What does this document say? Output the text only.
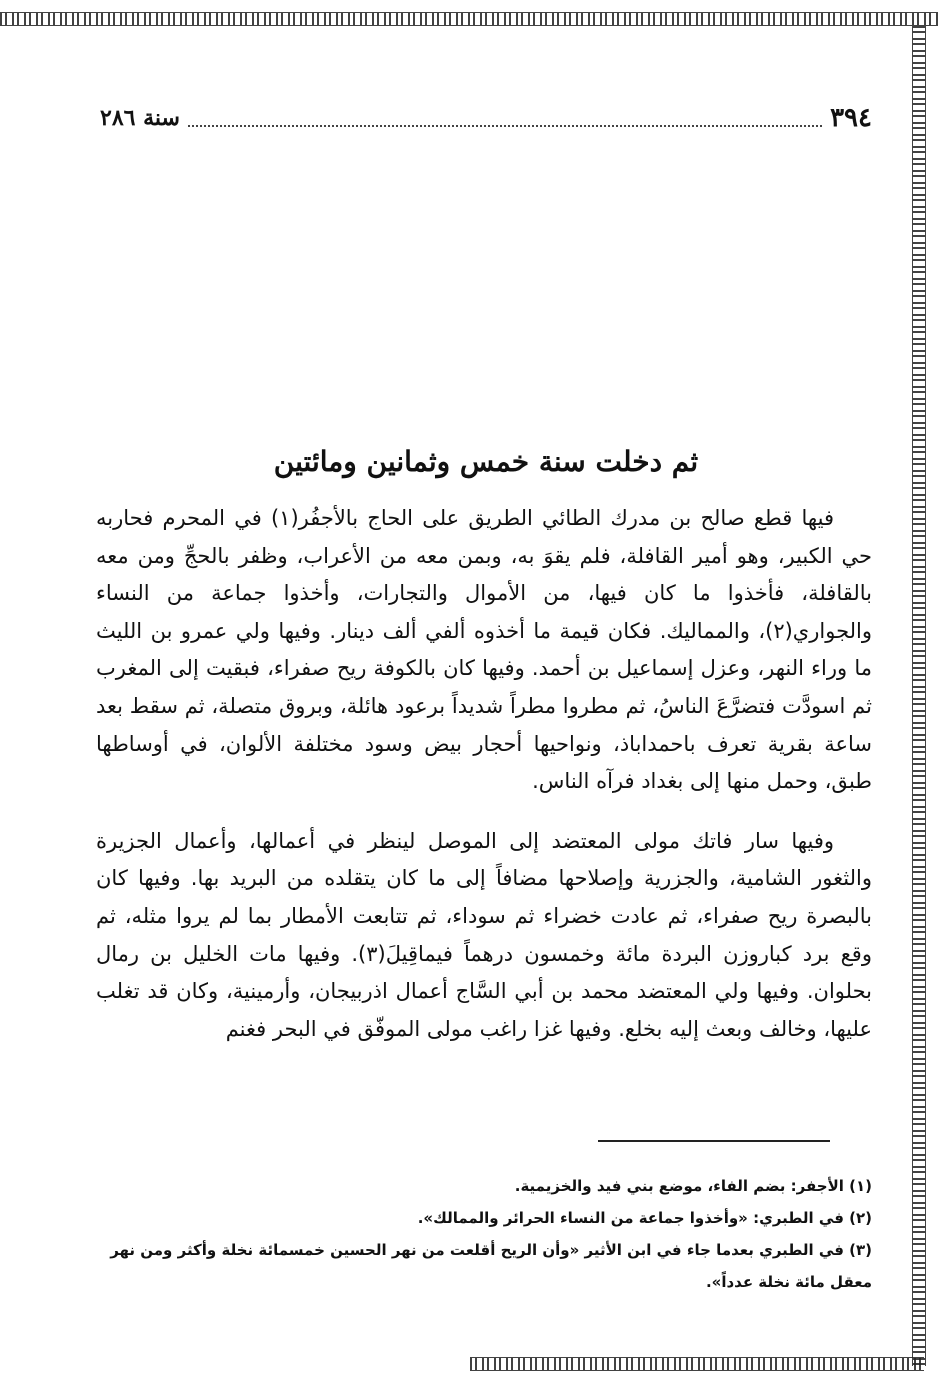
٣٩٤
سنة ٢٨٦
ثم دخلت سنة خمس وثمانين ومائتين

فيها قطع صالح بن مدرك الطائي الطريق على الحاج بالأجفُر(١) في المحرم فحاربه حي الكبير، وهو أمير القافلة، فلم يقوَ به، وبمن معه من الأعراب، وظفر بالحجِّ ومن معه بالقافلة، فأخذوا ما كان فيها، من الأموال والتجارات، وأخذوا جماعة من النساء والجواري(٢)، والمماليك. فكان قيمة ما أخذوه ألفي ألف دينار. وفيها ولي عمرو بن الليث ما وراء النهر، وعزل إسماعيل بن أحمد. وفيها كان بالكوفة ريح صفراء، فبقيت إلى المغرب ثم اسودَّت فتضرَّعَ الناسُ، ثم مطروا مطراً شديداً برعود هائلة، وبروق متصلة، ثم سقط بعد ساعة بقرية تعرف باحمداباذ، ونواحيها أحجار بيض وسود مختلفة الألوان، في أوساطها طبق، وحمل منها إلى بغداد فرآه الناس.

وفيها سار فاتك مولى المعتضد إلى الموصل لينظر في أعمالها، وأعمال الجزيرة والثغور الشامية، والجزرية وإصلاحها مضافاً إلى ما كان يتقلده من البريد بها. وفيها كان بالبصرة ريح صفراء، ثم عادت خضراء ثم سوداء، ثم تتابعت الأمطار بما لم يروا مثله، ثم وقع برد كباروزن البردة مائة وخمسون درهماً فيماقِيلَ(٣). وفيها مات الخليل بن رمال بحلوان. وفيها ولي المعتضد محمد بن أبي السَّاج أعمال اذربيجان، وأرمينية، وكان قد تغلب عليها، وخالف وبعث إليه بخلع. وفيها غزا راغب مولى الموفّق في البحر فغنم

(١) الأجفر: بضم الفاء، موضع بني فيد والخزيمية.

(٢) في الطبري: «وأخذوا جماعة من النساء الحرائر والممالك».

(٣) في الطبري بعدما جاء في ابن الأثير «وأن الريح أقلعت من نهر الحسين خمسمائة نخلة وأكثر ومن نهر معقل مائة نخلة عدداً».
